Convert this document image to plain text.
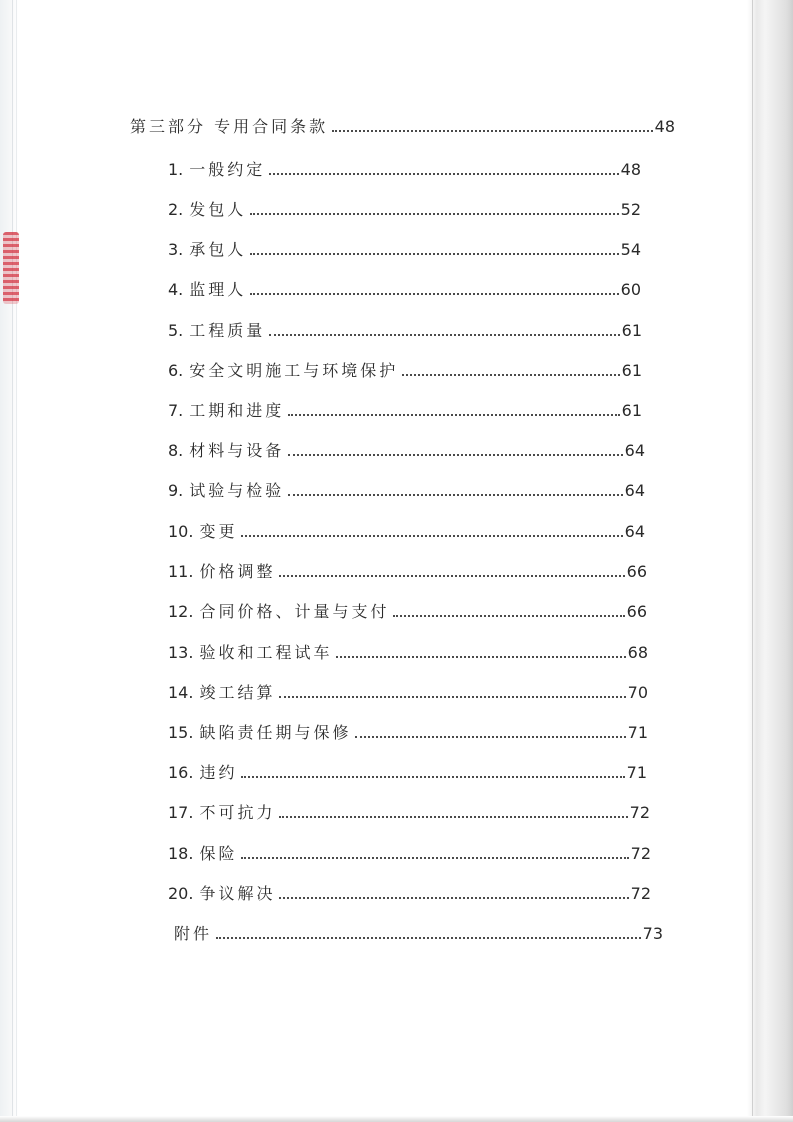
第三部分 专用合同条款	48
1. 一般约定	48
2. 发包人	52
3. 承包人	54
4. 监理人	60
5. 工程质量	61
6. 安全文明施工与环境保护	61
7. 工期和进度	61
8. 材料与设备	64
9. 试验与检验	64
10. 变更	64
11. 价格调整	66
12. 合同价格、计量与支付	66
13. 验收和工程试车	68
14. 竣工结算	70
15. 缺陷责任期与保修	71
16. 违约	71
17. 不可抗力	72
18. 保险	72
20. 争议解决	72
附件	73
